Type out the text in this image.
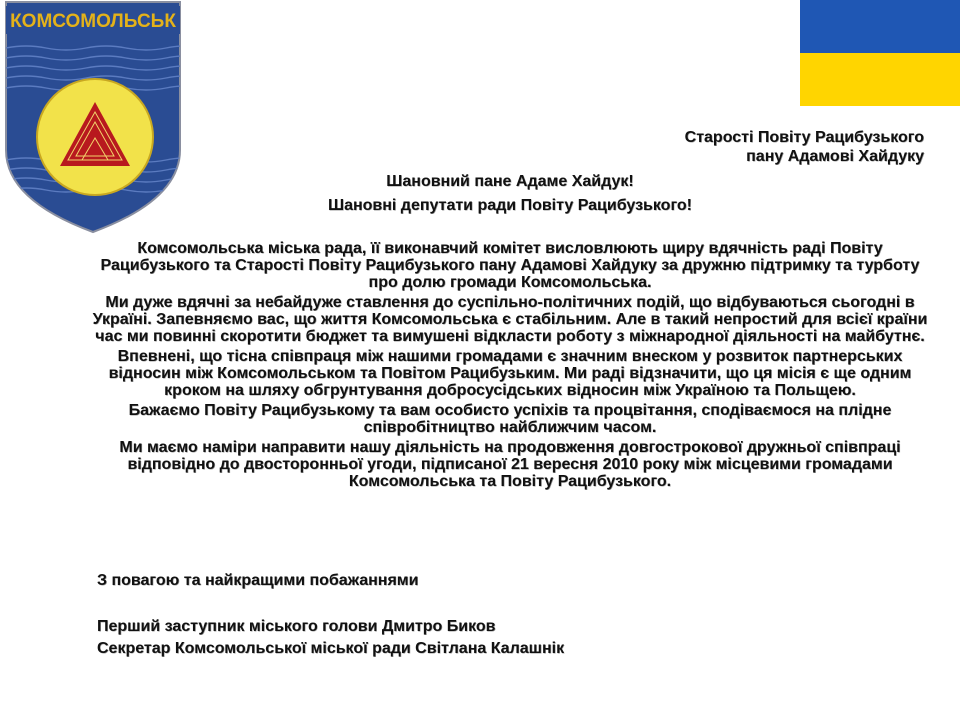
КОМСОМОЛЬСЬК
Старості Повіту Рацибузького
пану Адамові Хайдуку
Шановний пане Адаме Хайдук!
Шановні депутати ради Повіту Рацибузького!

Комсомольська міська рада, її виконавчий комітет висловлюють щиру вдячність раді Повіту Рацибузького та Старості Повіту Рацибузького пану Адамові Хайдуку за дружню підтримку та турботу про долю громади Комсомольська.

Ми дуже вдячні за небайдуже ставлення до суспільно-політичних подій, що відбуваються сьогодні в Україні. Запевняємо вас, що життя Комсомольська є стабільним. Але в такий непростий для всієї країни час ми повинні скоротити бюджет та вимушені відкласти роботу з міжнародної діяльності на майбутнє.

Впевнені, що тісна співпраця між нашими громадами є значним внеском у розвиток партнерських відносин між Комсомольськом та Повітом Рацибузьким. Ми раді відзначити, що ця місія є ще одним кроком на шляху обгрунтування добросусідських відносин між Україною та Польщею.

Бажаємо Повіту Рацибузькому та вам особисто успіхів та процвітання, сподіваємося на плідне співробітництво найближчим часом.

Ми маємо наміри направити нашу діяльність на продовження довгострокової дружньої співпраці відповідно до двосторонньої угоди, підписаної 21 вересня 2010 року між місцевими громадами Комсомольська та Повіту Рацибузького.

З повагою та найкращими побажаннями
Перший заступник міського голови Дмитро Биков
Секретар Комсомольської міської ради Світлана Калашнік
